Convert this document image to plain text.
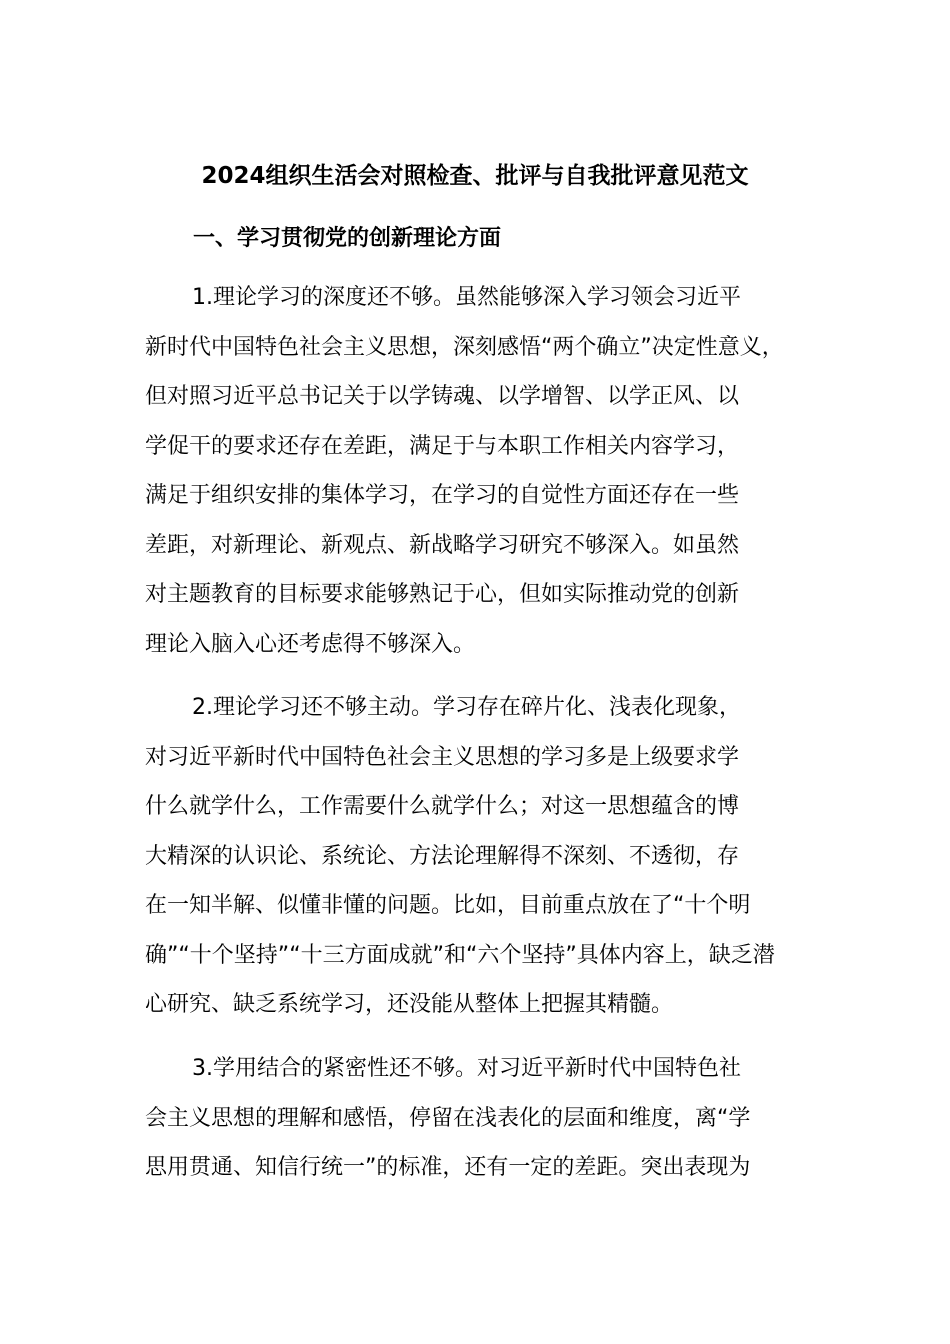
2024组织生活会对照检查、批评与自我批评意见范文
一、学习贯彻党的创新理论方面
1.理论学习的深度还不够。虽然能够深入学习领会习近平
新时代中国特色社会主义思想，深刻感悟“两个确立”决定性意义，
但对照习近平总书记关于以学铸魂、以学增智、以学正风、以
学促干的要求还存在差距，满足于与本职工作相关内容学习，
满足于组织安排的集体学习，在学习的自觉性方面还存在一些
差距，对新理论、新观点、新战略学习研究不够深入。如虽然
对主题教育的目标要求能够熟记于心，但如实际推动党的创新
理论入脑入心还考虑得不够深入。
2.理论学习还不够主动。学习存在碎片化、浅表化现象，
对习近平新时代中国特色社会主义思想的学习多是上级要求学
什么就学什么，工作需要什么就学什么；对这一思想蕴含的博
大精深的认识论、系统论、方法论理解得不深刻、不透彻，存
在一知半解、似懂非懂的问题。比如，目前重点放在了“十个明
确”“十个坚持”“十三方面成就”和“六个坚持”具体内容上，缺乏潜
心研究、缺乏系统学习，还没能从整体上把握其精髓。
3.学用结合的紧密性还不够。对习近平新时代中国特色社
会主义思想的理解和感悟，停留在浅表化的层面和维度，离“学
思用贯通、知信行统一”的标准，还有一定的差距。突出表现为
